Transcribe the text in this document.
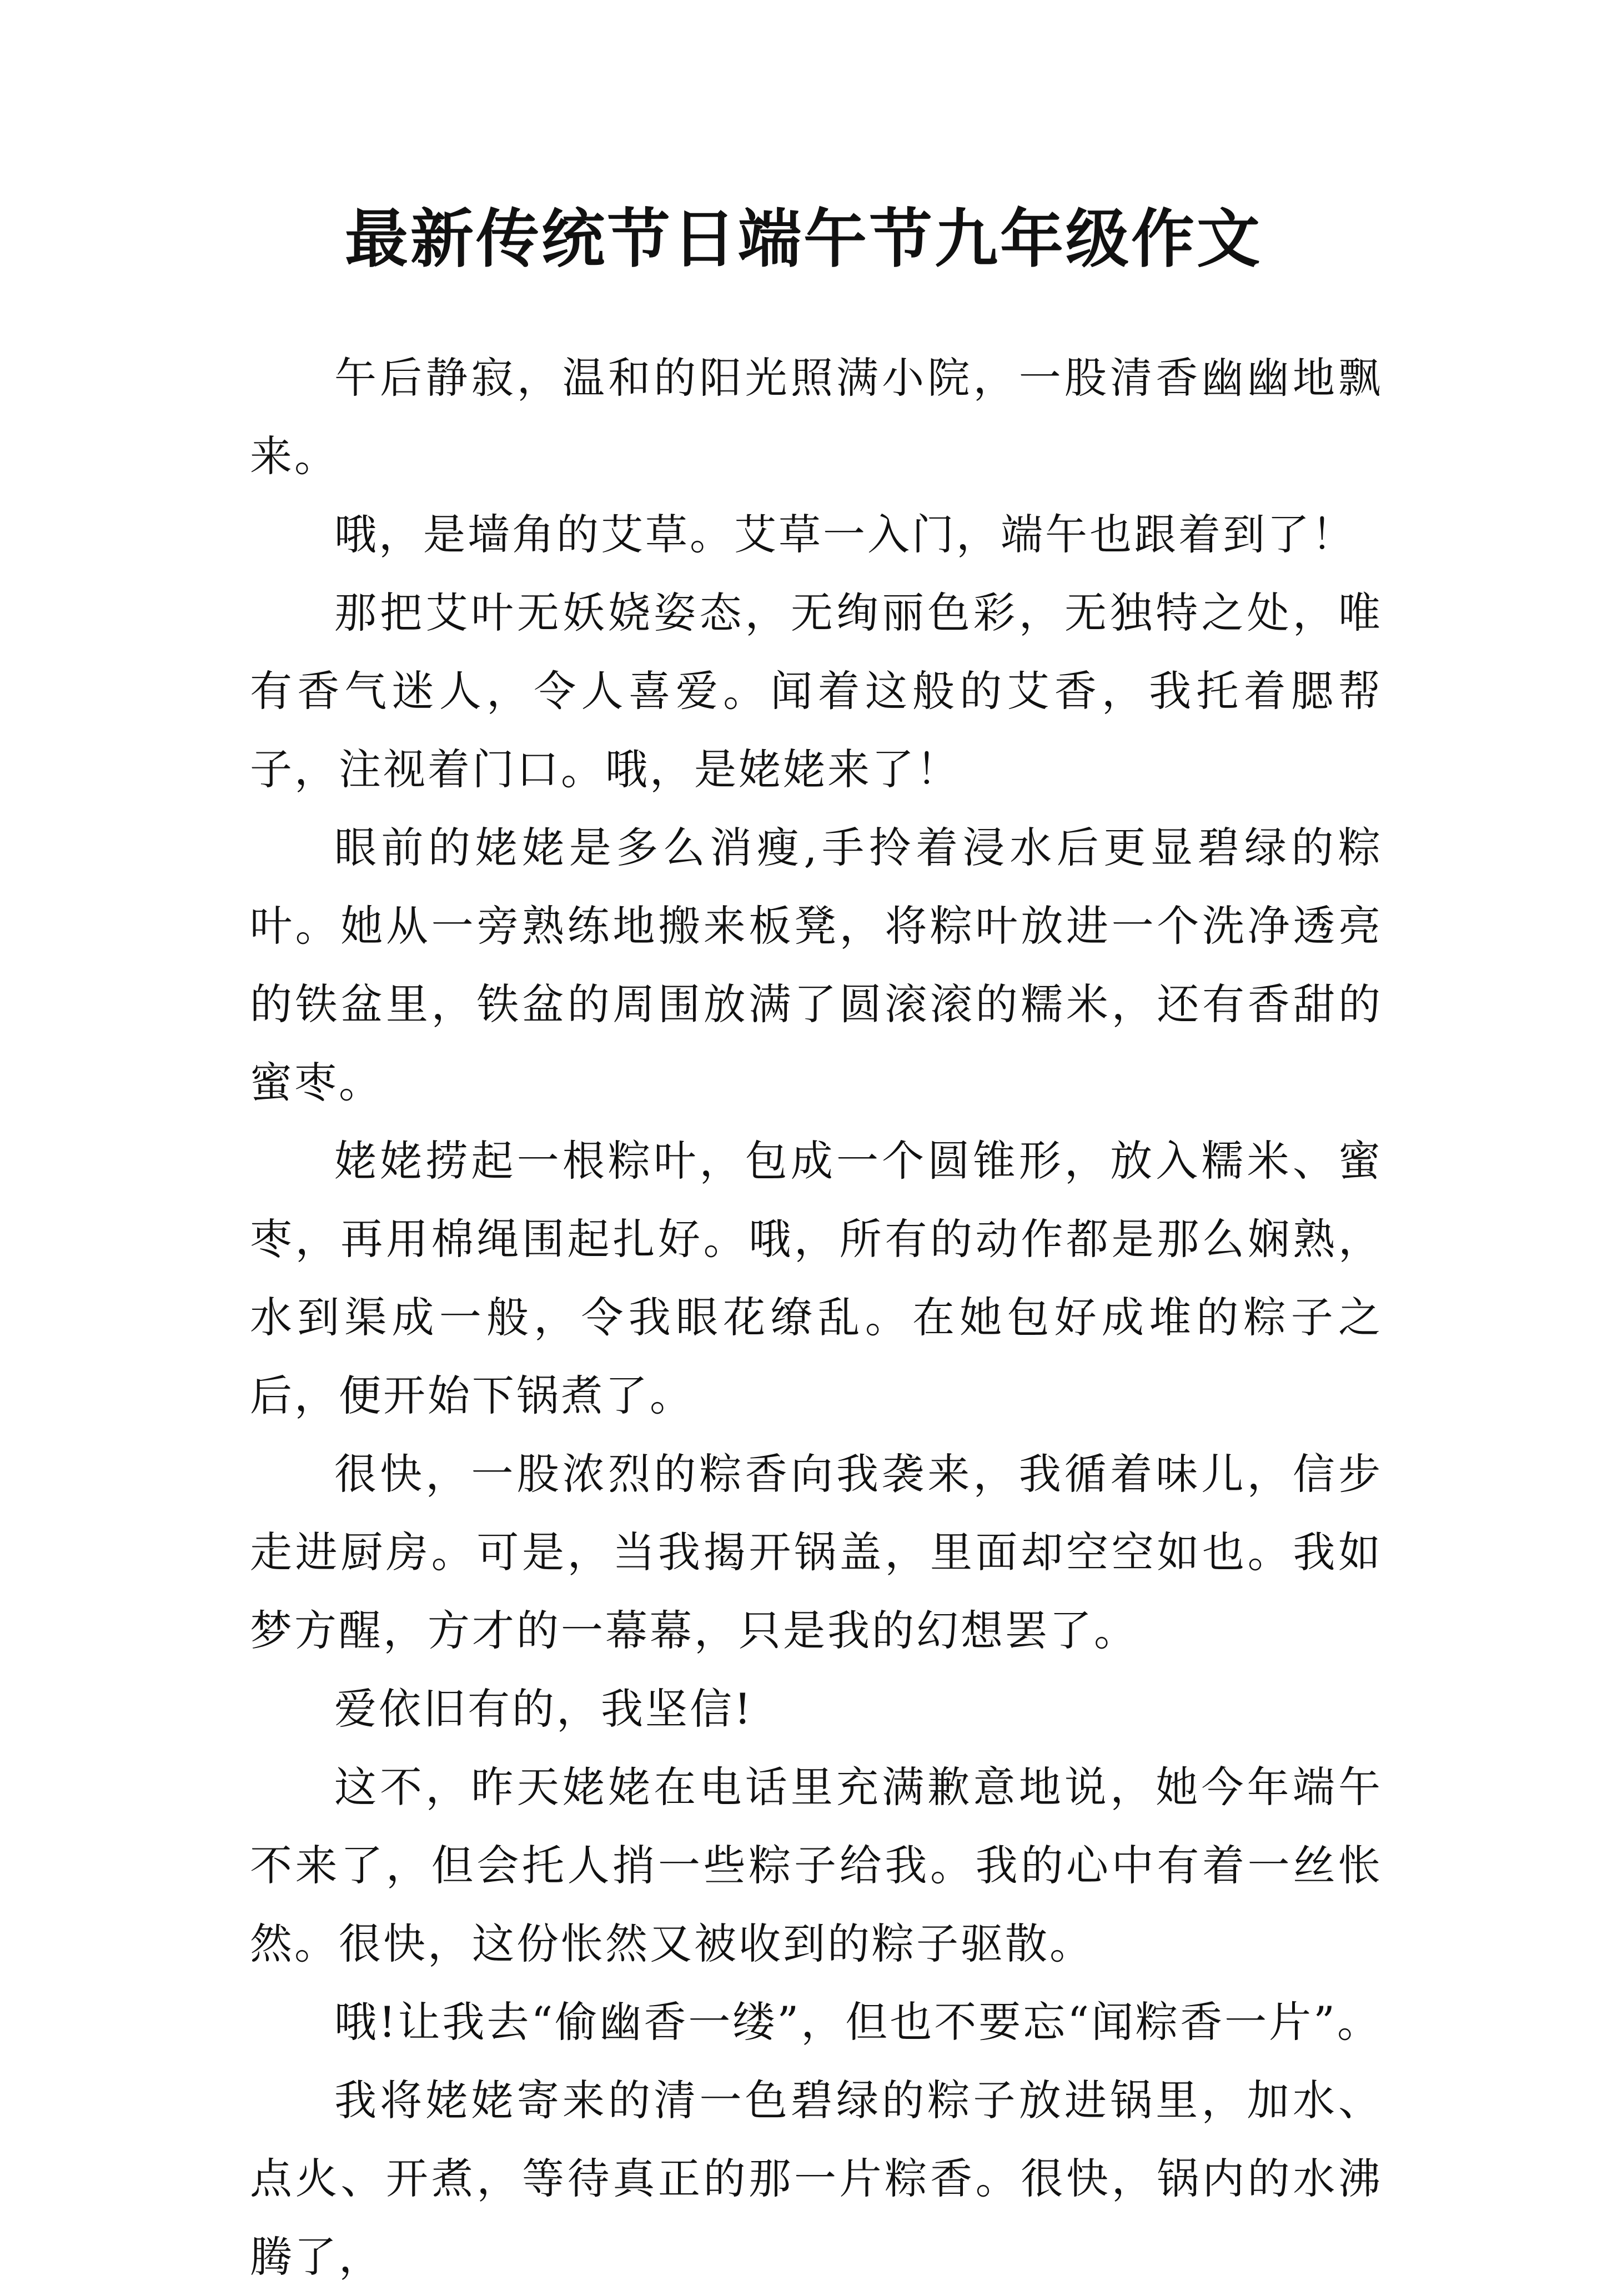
最新传统节日端午节九年级作文

午后静寂，温和的阳光照满小院，一股清香幽幽地飘来。

哦，是墙角的艾草。艾草一入门，端午也跟着到了！

那把艾叶无妖娆姿态，无绚丽色彩，无独特之处，唯有香气迷人，令人喜爱。闻着这般的艾香，我托着腮帮子，注视着门口。哦，是姥姥来了！

眼前的姥姥是多么消瘦,手拎着浸水后更显碧绿的粽叶。她从一旁熟练地搬来板凳，将粽叶放进一个洗净透亮的铁盆里，铁盆的周围放满了圆滚滚的糯米，还有香甜的蜜枣。

姥姥捞起一根粽叶，包成一个圆锥形，放入糯米、蜜枣，再用棉绳围起扎好。哦，所有的动作都是那么娴熟，水到渠成一般，令我眼花缭乱。在她包好成堆的粽子之后，便开始下锅煮了。

很快，一股浓烈的粽香向我袭来，我循着味儿，信步走进厨房。可是，当我揭开锅盖，里面却空空如也。我如梦方醒，方才的一幕幕，只是我的幻想罢了。

爱依旧有的，我坚信!

这不，昨天姥姥在电话里充满歉意地说，她今年端午不来了，但会托人捎一些粽子给我。我的心中有着一丝怅然。很快，这份怅然又被收到的粽子驱散。

哦!让我去“偷幽香一缕”，但也不要忘“闻粽香一片”。

我将姥姥寄来的清一色碧绿的粽子放进锅里，加水、点火、开煮，等待真正的那一片粽香。很快，锅内的水沸腾了，
